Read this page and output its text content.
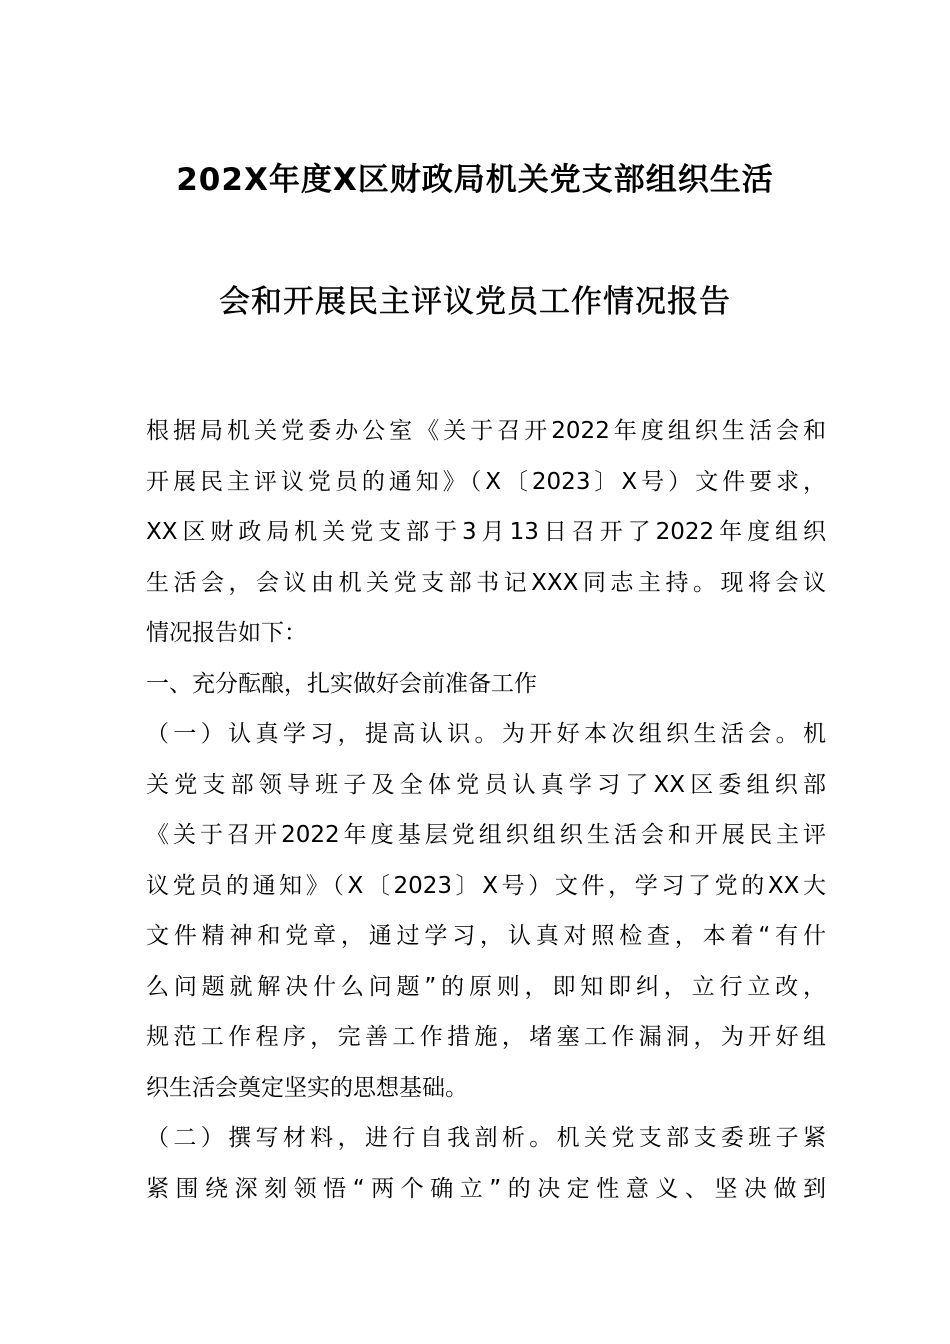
202X年度X区财政局机关党支部组织生活
会和开展民主评议党员工作情况报告
根据局机关党委办公室《关于召开2022年度组织生活会和
开展民主评议党员的通知》（X〔2023〕X号）文件要求，
XX区财政局机关党支部于3月13日召开了2022年度组织
生活会，会议由机关党支部书记XXX同志主持。现将会议
情况报告如下：
一、充分酝酿，扎实做好会前准备工作
（一）认真学习，提高认识。为开好本次组织生活会。机
关党支部领导班子及全体党员认真学习了XX区委组织部
《关于召开2022年度基层党组织组织生活会和开展民主评
议党员的通知》（X〔2023〕X号）文件，学习了党的XX大
文件精神和党章，通过学习，认真对照检查，本着“有什
么问题就解决什么问题”的原则，即知即纠，立行立改，
规范工作程序，完善工作措施，堵塞工作漏洞，为开好组
织生活会奠定坚实的思想基础。
（二）撰写材料，进行自我剖析。机关党支部支委班子紧
紧围绕深刻领悟“两个确立”的决定性意义、坚决做到
